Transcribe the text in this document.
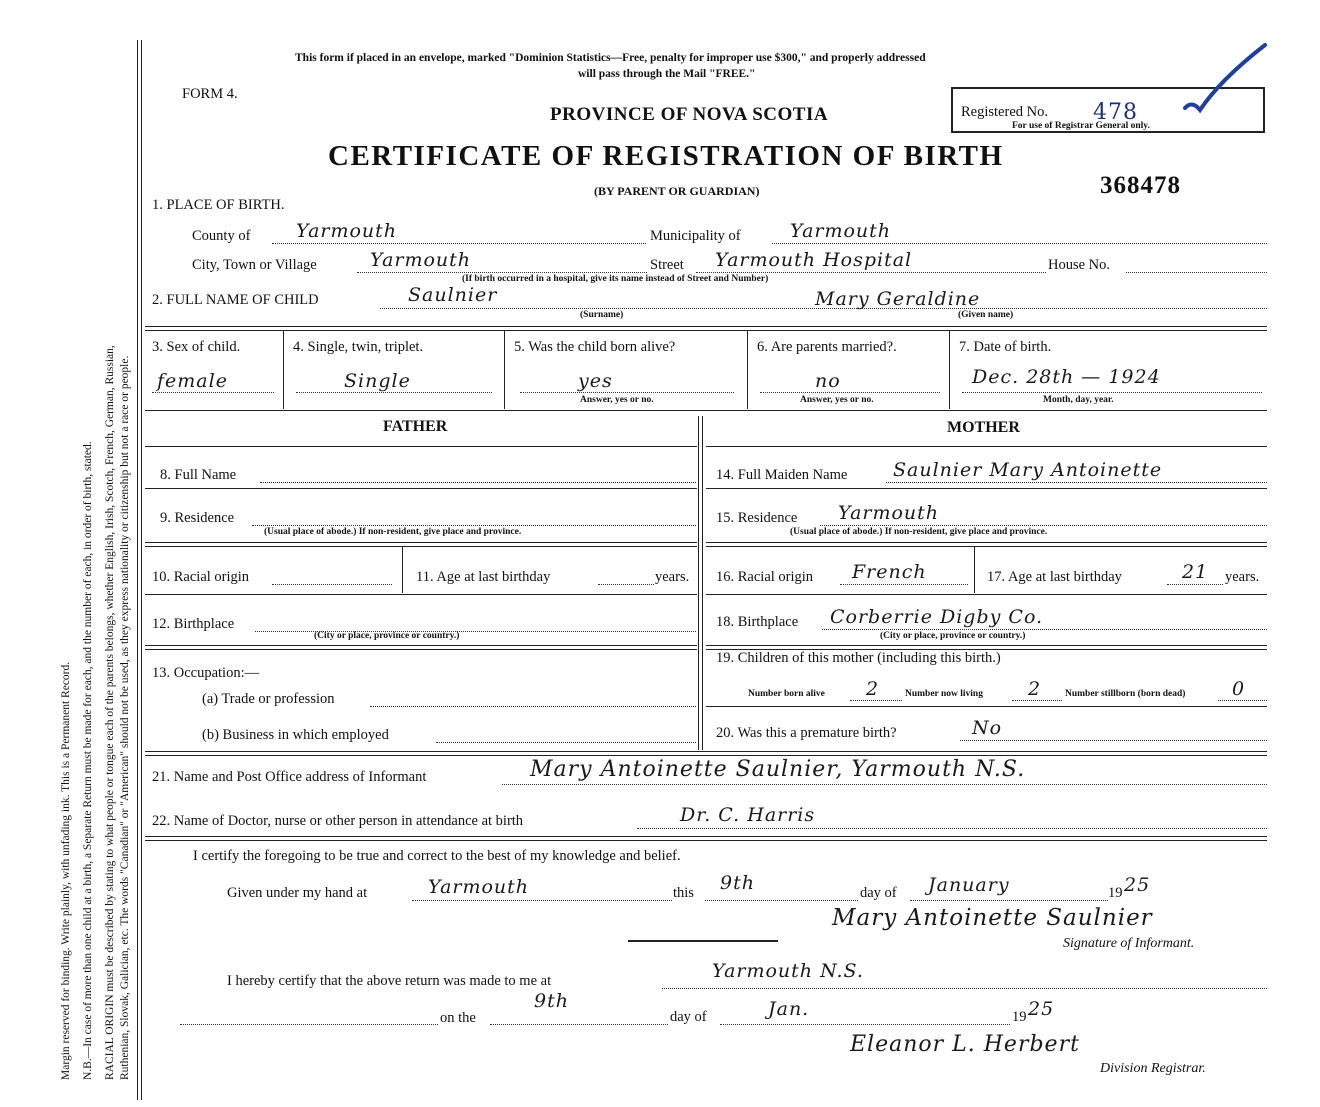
Margin reserved for binding. Write plainly, with unfading ink. This is a Permanent Record. N.B.—In case of more than one child at a birth, a Separate Return must be made for each, and the number of each, in order of birth, stated. RACIAL ORIGIN must be described by stating to what people or tongue each of the parents belongs, whether English, Irish, Scotch, French, German, Russian, Ruthenian, Slovak, Galician, etc. The words "Canadian" or "American" should not be used, as they express nationality or citizenship but not a race or people.
This form if placed in an envelope, marked "Dominion Statistics—Free, penalty for improper use $300," and properly addressed
will pass through the Mail "FREE."
FORM 4.
PROVINCE OF NOVA SCOTIA
CERTIFICATE OF REGISTRATION OF BIRTH
(BY PARENT OR GUARDIAN)
Registered No. 478
For use of Registrar General only.
368478
1. PLACE OF BIRTH.
County of Yarmouth	Municipality of	Yarmouth
City, Town or Village	Yarmouth	Street Yarmouth Hospital	House No.
(If birth occurred in a hospital, give its name instead of Street and Number)
2. FULL NAME OF CHILD	Saulnier	Mary Geraldine
(Surname)	(Given name)
3. Sex of child.
female
4. Single, twin, triplet.
Single
5. Was the child born alive?
yes
Answer, yes or no.
6. Are parents married?.
no
Answer, yes or no.
7. Date of birth.
Dec. 28th — 1924
Month, day, year.
FATHER	MOTHER
8. Full Name
9. Residence
(Usual place of abode.) If non-resident, give place and province.
10. Racial origin	11. Age at last birthday	years.
12. Birthplace
(City or place, province or country.)
13. Occupation:—
(a) Trade or profession
(b) Business in which employed
14. Full Maiden Name Saulnier Mary Antoinette
15. Residence Yarmouth
(Usual place of abode.) If non-resident, give place and province.
16. Racial origin French	17. Age at last birthday	21 years.
18. Birthplace Corberrie Digby Co.
(City or place, province or country.)
19. Children of this mother (including this birth.)
Number born alive 2	Number now living 2	Number stillborn (born dead) 0
20. Was this a premature birth?	No
21. Name and Post Office address of Informant	Mary Antoinette Saulnier, Yarmouth N.S.
22. Name of Doctor, nurse or other person in attendance at birth	Dr. C. Harris
I certify the foregoing to be true and correct to the best of my knowledge and belief.
Given under my hand at	Yarmouth	this 9th	day of January	19 25
Mary Antoinette Saulnier
Signature of Informant.
I hereby certify that the above return was made to me at	Yarmouth N.S.
on the
9th
day of	Jan.	19 25
Eleanor L. Herbert
Division Registrar.
